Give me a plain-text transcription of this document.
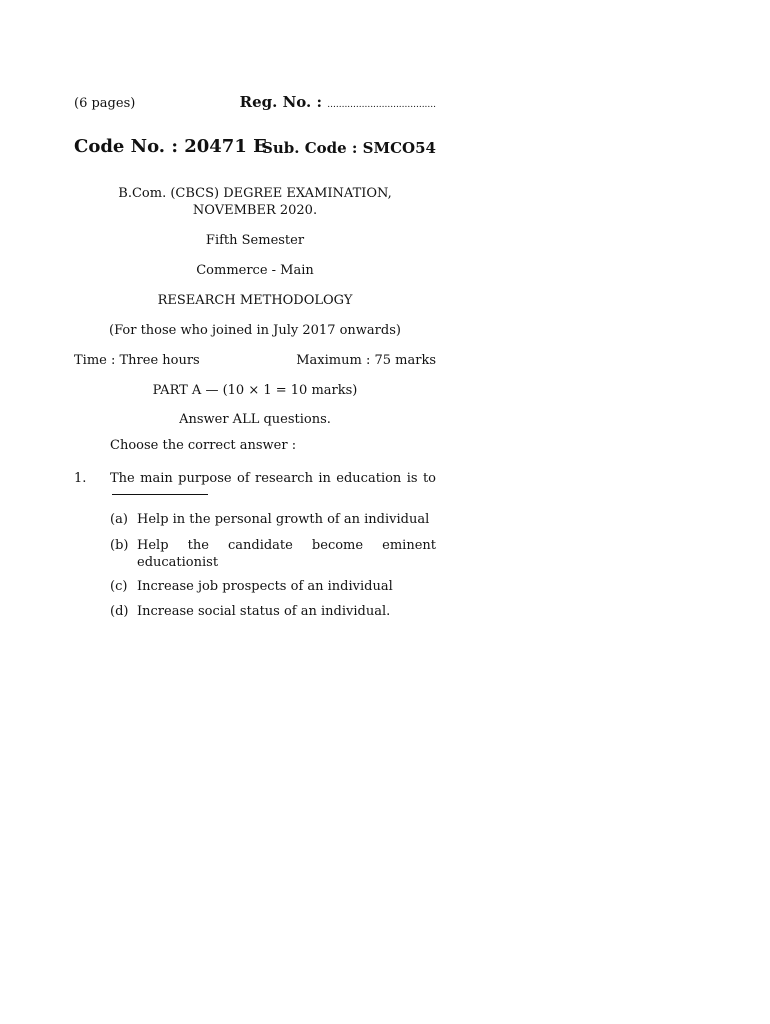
(6 pages)	Reg. No. : ......................................
Code No. : 20471 E
Sub. Code : SMCO54
B.Com. (CBCS) DEGREE EXAMINATION,
NOVEMBER 2020.
Fifth Semester
Commerce - Main
RESEARCH METHODOLOGY
(For those who joined in July 2017 onwards)
Time : Three hours	Maximum : 75 marks
PART A — (10 × 1 = 10 marks)
Answer ALL questions.
Choose the correct answer :
1. The main purpose of research in education is to
(a) Help in the personal growth of an individual
(b) Help the candidate become eminent educationist
(c) Increase job prospects of an individual
(d) Increase social status of an individual.
